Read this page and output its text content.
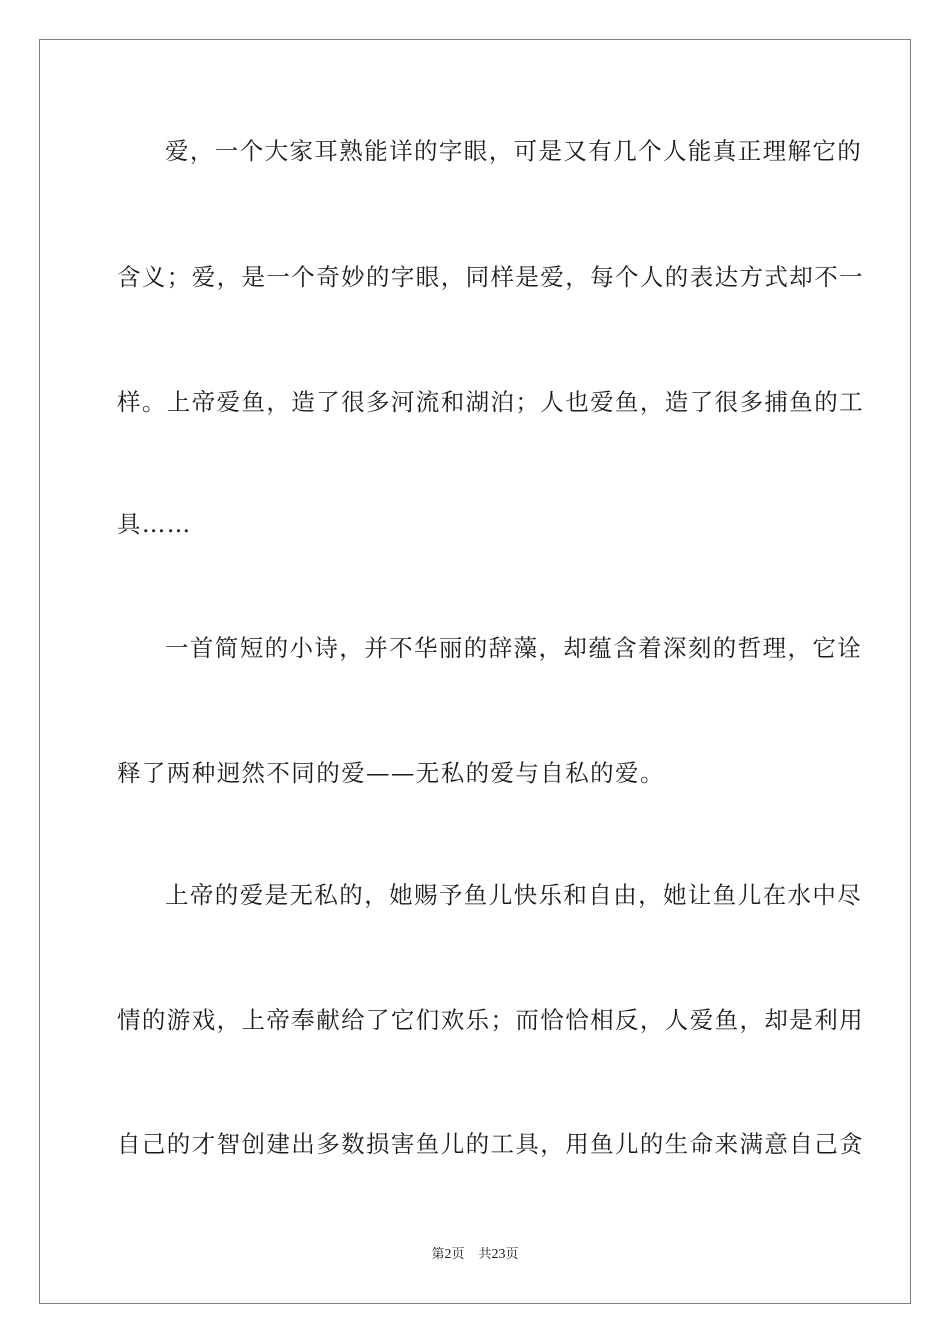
爱，一个大家耳熟能详的字眼，可是又有几个人能真正理解它的
含义；爱，是一个奇妙的字眼，同样是爱，每个人的表达方式却不一
样。上帝爱鱼，造了很多河流和湖泊；人也爱鱼，造了很多捕鱼的工
具……
一首简短的小诗，并不华丽的辞藻，却蕴含着深刻的哲理，它诠
释了两种迥然不同的爱——无私的爱与自私的爱。
上帝的爱是无私的，她赐予鱼儿快乐和自由，她让鱼儿在水中尽
情的游戏，上帝奉献给了它们欢乐；而恰恰相反，人爱鱼，却是利用
自己的才智创建出多数损害鱼儿的工具，用鱼儿的生命来满意自己贪
第2页 共23页
